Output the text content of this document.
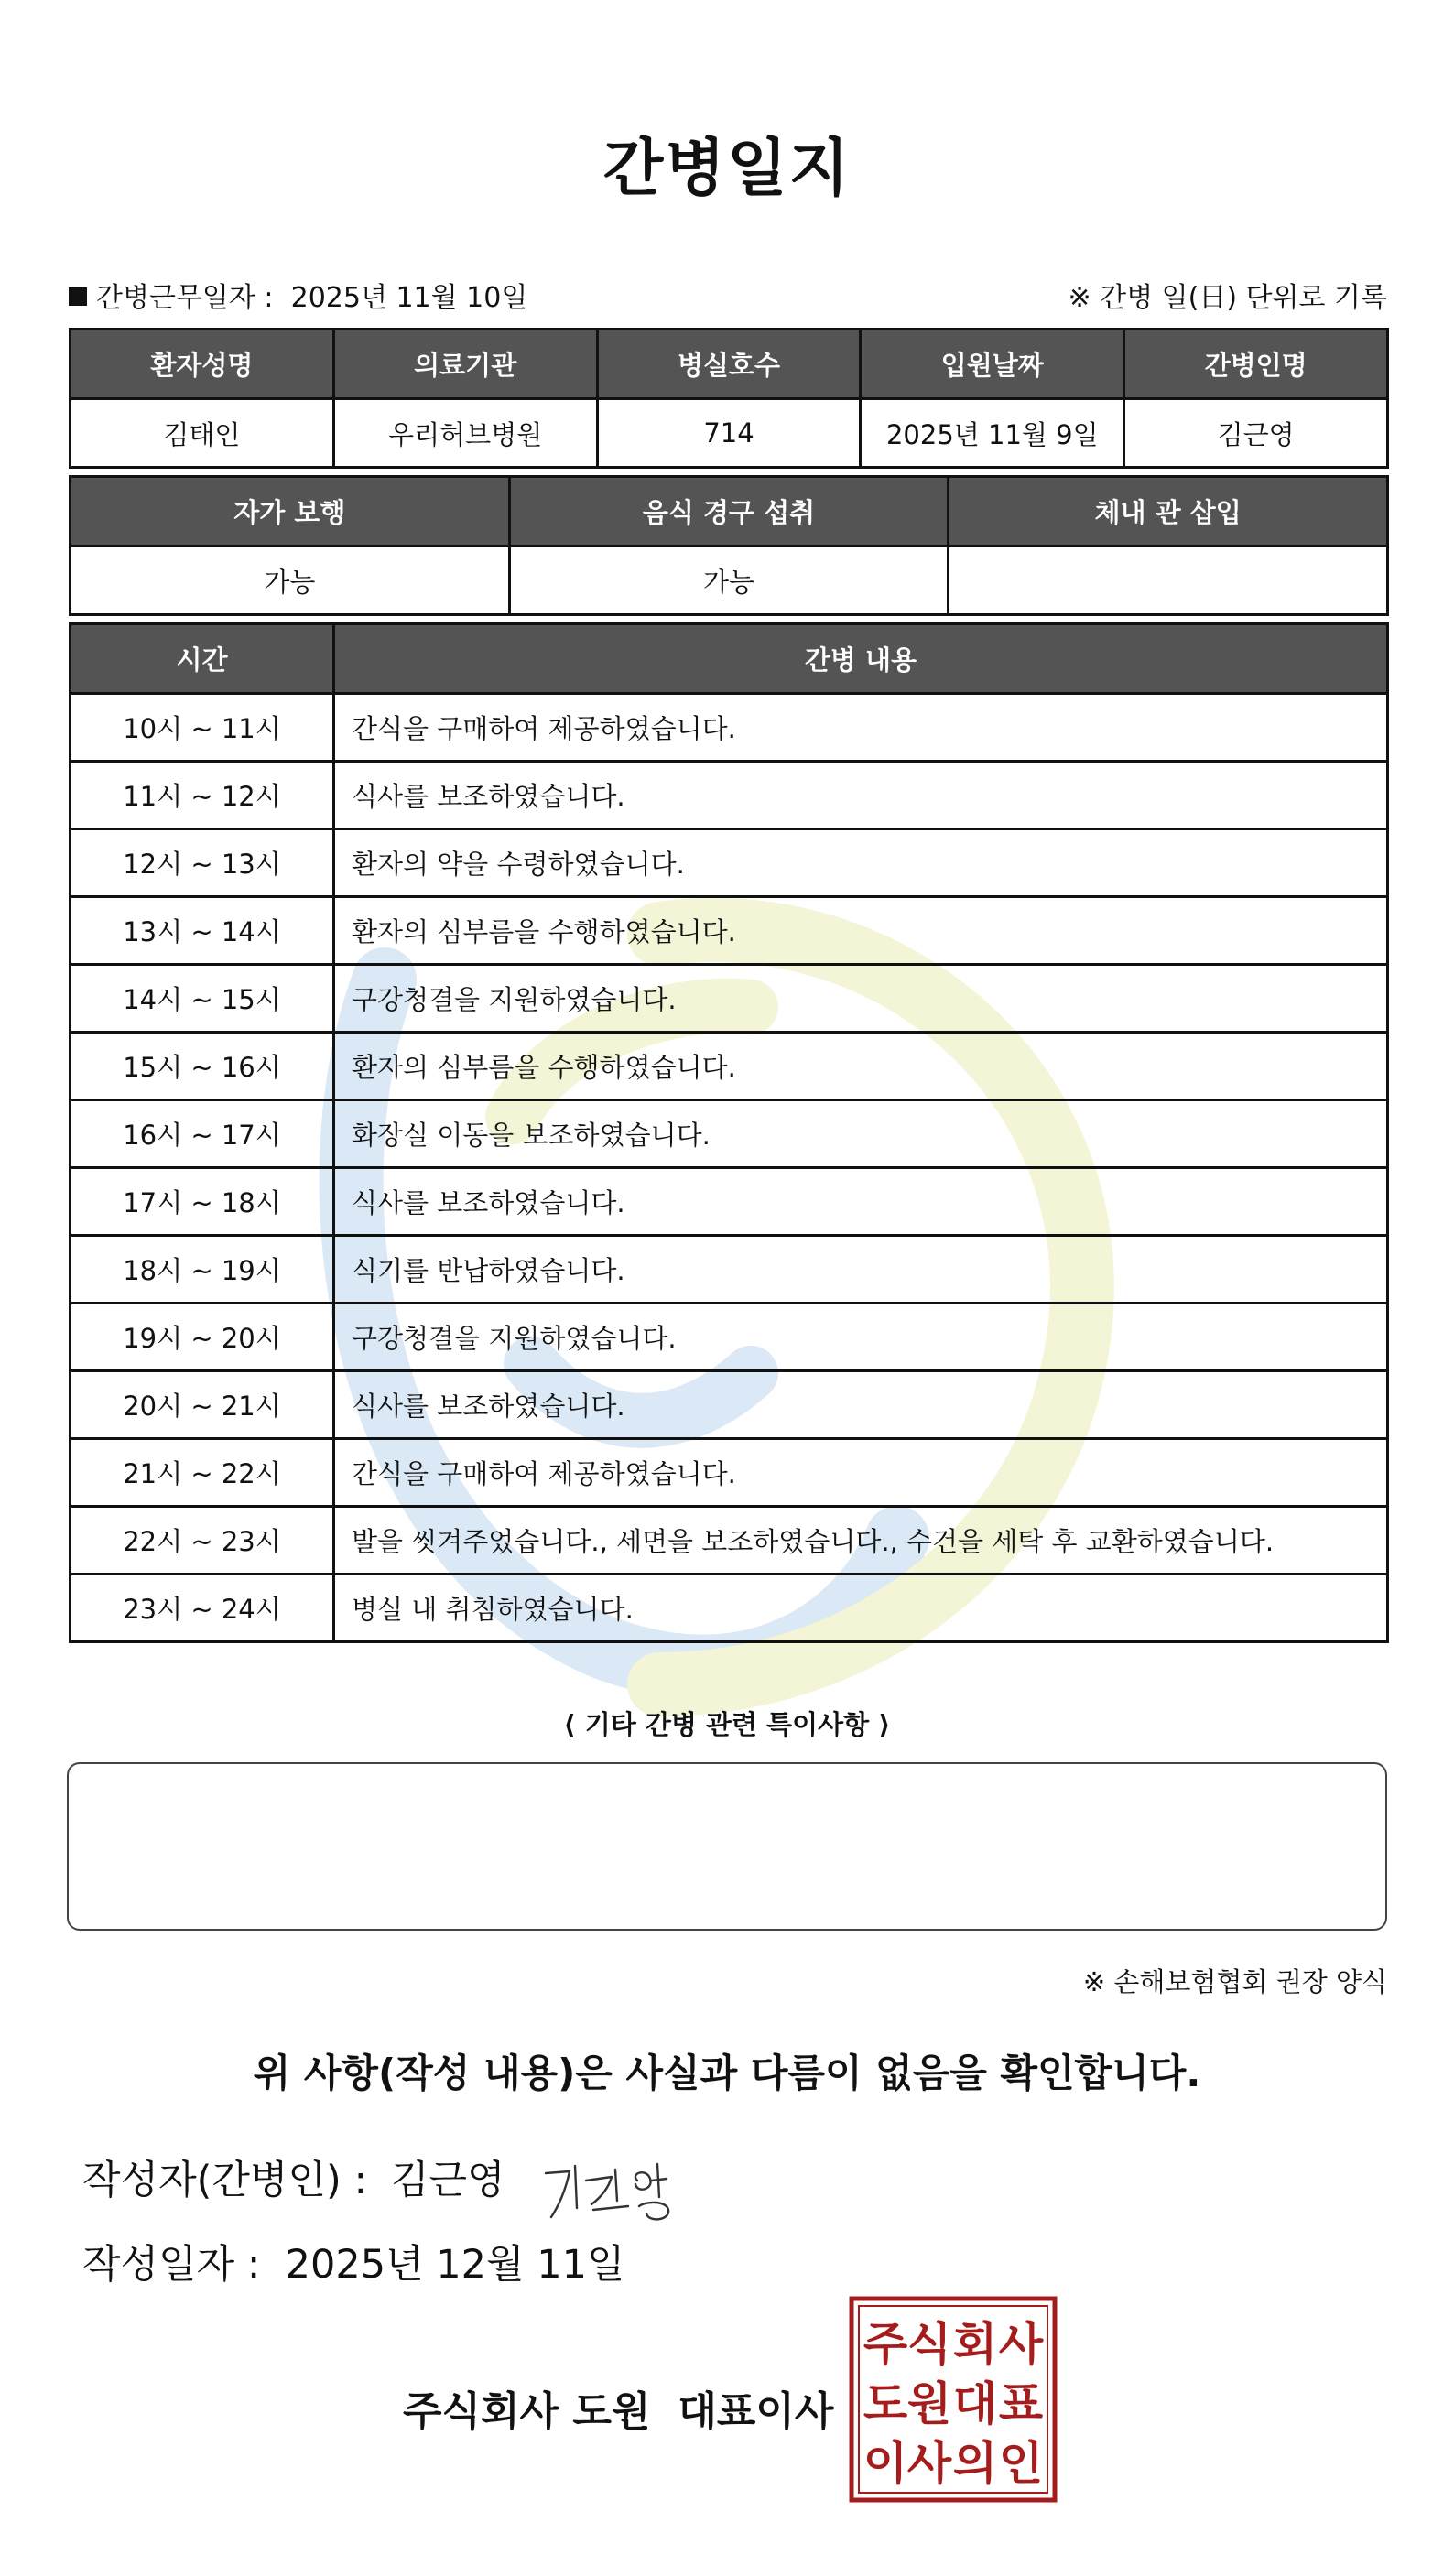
간병일지
간병근무일자 : 2025년 11월 10일	※ 간병 일(日) 단위로 기록
환자성명	의료기관	병실호수	입원날짜	간병인명
김태인	우리허브병원	714	2025년 11월 9일	김근영
자가 보행	음식 경구 섭취	체내 관 삽입
가능	가능	
시간	간병 내용
10시 ~ 11시	간식을 구매하여 제공하였습니다.
11시 ~ 12시	식사를 보조하였습니다.
12시 ~ 13시	환자의 약을 수령하였습니다.
13시 ~ 14시	환자의 심부름을 수행하였습니다.
14시 ~ 15시	구강청결을 지원하였습니다.
15시 ~ 16시	환자의 심부름을 수행하였습니다.
16시 ~ 17시	화장실 이동을 보조하였습니다.
17시 ~ 18시	식사를 보조하였습니다.
18시 ~ 19시	식기를 반납하였습니다.
19시 ~ 20시	구강청결을 지원하였습니다.
20시 ~ 21시	식사를 보조하였습니다.
21시 ~ 22시	간식을 구매하여 제공하였습니다.
22시 ~ 23시	발을 씻겨주었습니다., 세면을 보조하였습니다., 수건을 세탁 후 교환하였습니다.
23시 ~ 24시	병실 내 취침하였습니다.
⟨ 기타 간병 관련 특이사항 ⟩
※ 손해보험협회 권장 양식
위 사항(작성 내용)은 사실과 다름이 없음을 확인합니다.
작성자(간병인) : 김근영
작성일자 : 2025년 12월 11일
주식회사 도원 대표이사
주 식 회 사
도 원 대 표
이 사 의 인
